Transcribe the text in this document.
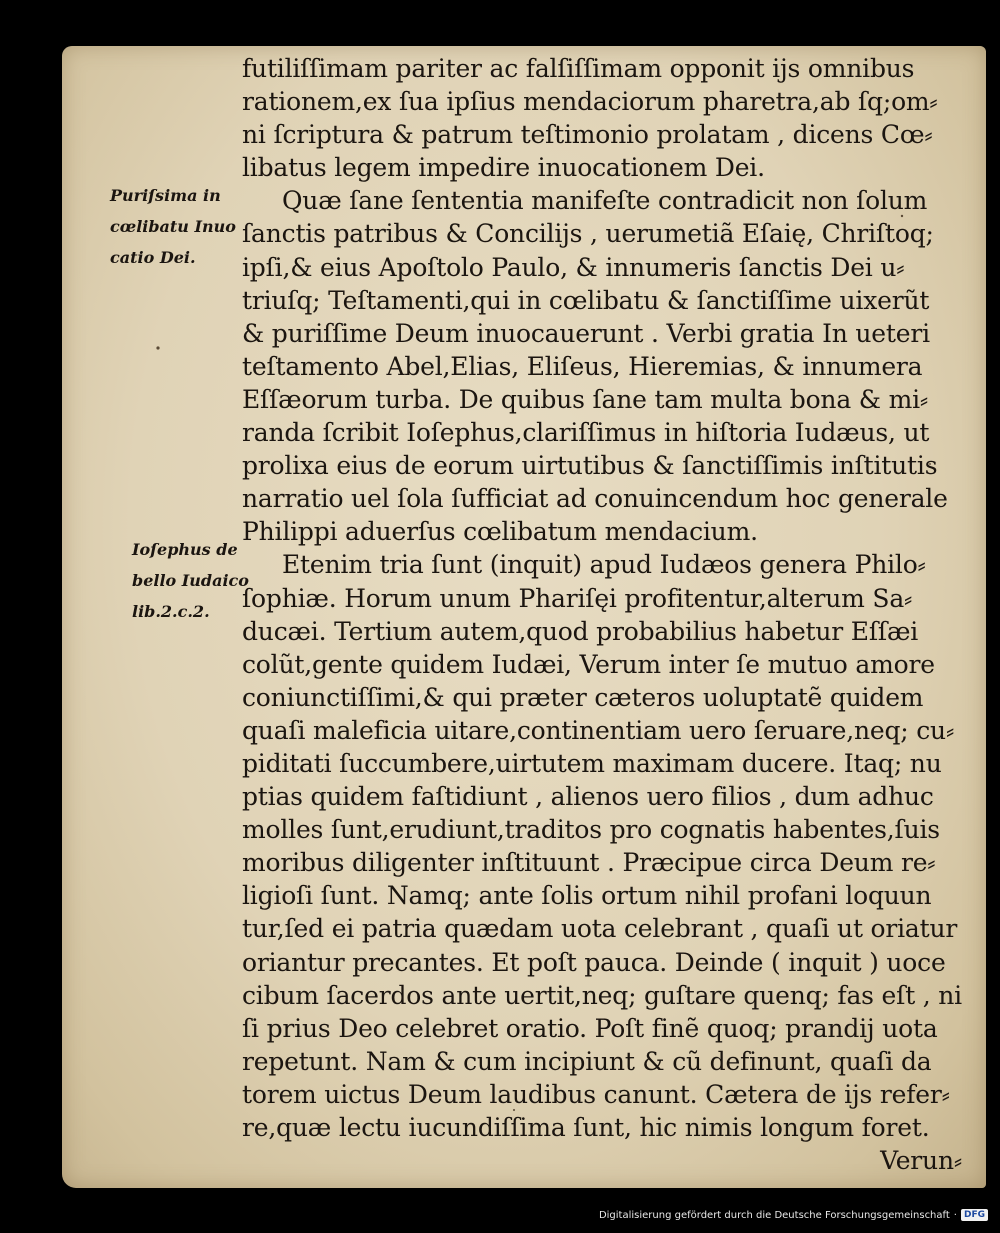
Puriſsima in
cœlibatu Inuo
catio Dei.
Ioſephus de
bello Iudaico
lib.2.c.2.
futiliſſimam pariter ac falſiſſimam opponit ijs omnibus
rationem,ex ſua ipſius mendaciorum pharetra,ab ſq;om⸗
ni ſcriptura & patrum teſtimonio prolatam , dicens Cœ⸗
libatus legem impedire inuocationem Dei.
Quæ ſane ſententia manifeſte contradicit non ſolum
ſanctis patribus & Concilijs , uerumetiã Eſaię, Chriſtoq;
ipſi,& eius Apoſtolo Paulo, & innumeris ſanctis Dei u⸗
triuſq; Teſtamenti,qui in cœlibatu & ſanctiſſime uixerũt
& puriſſime Deum inuocauerunt . Verbi gratia In ueteri
teſtamento Abel,Elias, Eliſeus, Hieremias, & innumera
Eſſæorum turba. De quibus ſane tam multa bona & mi⸗
randa ſcribit Ioſephus,clariſſimus in hiſtoria Iudæus, ut
prolixa eius de eorum uirtutibus & ſanctiſſimis inſtitutis
narratio uel ſola ſufficiat ad conuincendum hoc generale
Philippi aduerſus cœlibatum mendacium.
Etenim tria ſunt (inquit) apud Iudæos genera Philo⸗
ſophiæ. Horum unum Phariſęi profitentur,alterum Sa⸗
ducæi. Tertium autem,quod probabilius habetur Eſſæi
colũt,gente quidem Iudæi, Verum inter ſe mutuo amore
coniunctiſſimi,& qui præter cæteros uoluptatẽ quidem
quaſi maleficia uitare,continentiam uero ſeruare,neq; cu⸗
piditati ſuccumbere,uirtutem maximam ducere. Itaq; nu
ptias quidem faſtidiunt , alienos uero filios , dum adhuc
molles ſunt,erudiunt,traditos pro cognatis habentes,ſuis
moribus diligenter inſtituunt . Præcipue circa Deum re⸗
ligioſi ſunt. Namq; ante ſolis ortum nihil profani loquun
tur,ſed ei patria quædam uota celebrant , quaſi ut oriatur
oriantur precantes. Et poſt pauca. Deinde ( inquit ) uoce
cibum ſacerdos ante uertit,neq; guſtare quenq; fas eſt , ni
ſi prius Deo celebret oratio. Poſt finẽ quoq; prandij uota
repetunt. Nam & cum incipiunt & cũ definunt, quaſi da
torem uictus Deum laudibus canunt. Cætera de ijs refer⸗
re,quæ lectu iucundiſſima ſunt, hic nimis longum foret.
Verun⸗
Digitalisierung gefördert durch die Deutsche Forschungsgemeinschaft · DFG
